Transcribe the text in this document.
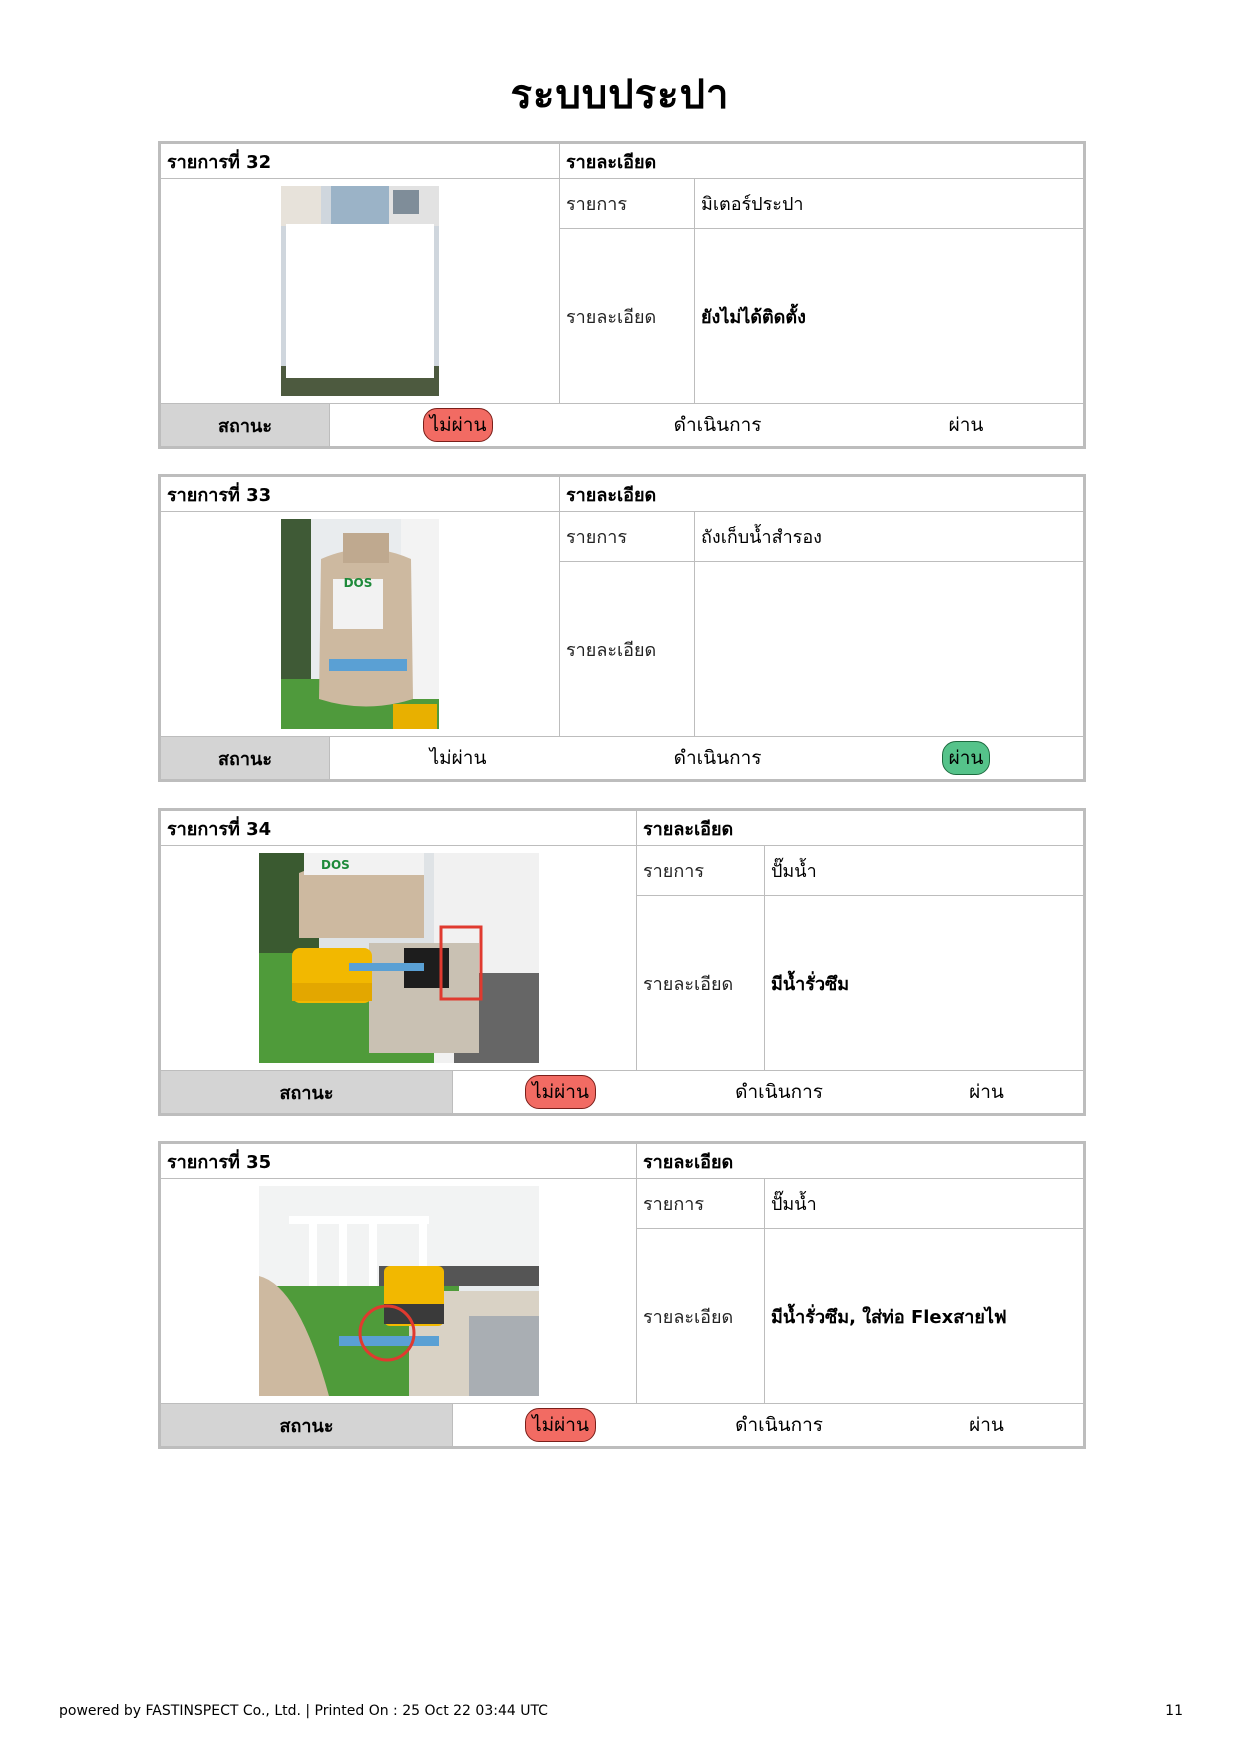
ระบบประปา
รายการที่ 32		รายละเอียด	
	รายการ	มิเตอร์ประปา
		รายละเอียด	ยังไม่ได้ติดตั้ง
สถานะ	ไม่ผ่าน ดำเนินการ ผ่าน		
รายการที่ 33		รายละเอียด	

DOS		รายการ	ถังเก็บน้ำสำรอง
		รายละเอียด	
สถานะ	ไม่ผ่าน ดำเนินการ ผ่าน		
รายการที่ 34		รายละเอียด	

DOS		รายการ	ปั๊มน้ำ
		รายละเอียด	มีน้ำรั่วซึม
สถานะ	ไม่ผ่าน ดำเนินการ ผ่าน		
รายการที่ 35		รายละเอียด	
	รายการ	ปั๊มน้ำ
		รายละเอียด	มีน้ำรั่วซึม, ใส่ท่อ Flexสายไฟ
สถานะ	ไม่ผ่าน ดำเนินการ ผ่าน		
powered by FASTINSPECT Co., Ltd. | Printed On : 25 Oct 22 03:44 UTC	11
